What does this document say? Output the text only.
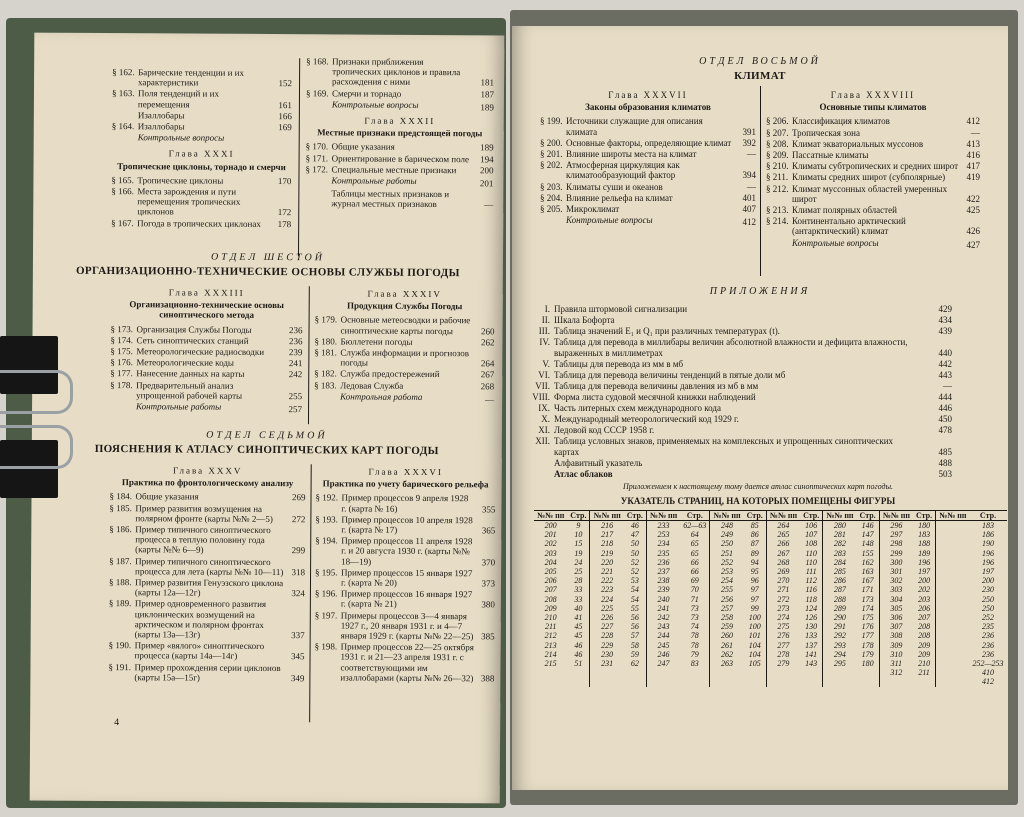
§ 162. Барические тенденции и их характеристики	152
§ 163. Поля тенденций и их перемещения	161
Изаллобары	166
§ 164. Изаллобары	169
Контрольные вопросы
Глава XXXI
Тропические циклоны, торнадо и смерчи
§ 165. Тропические циклоны	170
§ 166. Места зарождения и пути перемещения тропических циклонов	172
§ 167. Погода в тропических циклонах	178
§ 168. Признаки приближения тропических циклонов и правила расхождения с ними	181
§ 169. Смерчи и торнадо	187
Контрольные вопросы	189
Глава XXXII
Местные признаки предстоящей погоды
§ 170. Общие указания	189
§ 171. Ориентирование в барическом поле	194
§ 172. Специальные местные признаки	200
Контрольные работы	201
Таблицы местных признаков и журнал местных признаков	—
ОТДЕЛ ШЕСТОЙ
ОРГАНИЗАЦИОННО-ТЕХНИЧЕСКИЕ ОСНОВЫ СЛУЖБЫ ПОГОДЫ
Глава XXXIII
Организационно-технические основы синоптического метода
§ 173. Организация Службы Погоды	236
§ 174. Сеть синоптических станций	236
§ 175. Метеорологические радиосводки	239
§ 176. Метеорологические коды	241
§ 177. Нанесение данных на карты	242
§ 178. Предварительный анализ упрощенной рабочей карты	255
Контрольные работы	257
Глава XXXIV
Продукция Службы Погоды
§ 179. Основные метеосводки и рабочие синоптические карты погоды	260
§ 180. Бюллетени погоды	262
§ 181. Служба информации и прогнозов погоды	264
§ 182. Служба предостережений	267
§ 183. Ледовая Служба	268
Контрольная работа	—
ОТДЕЛ СЕДЬМОЙ
ПОЯСНЕНИЯ К АТЛАСУ СИНОПТИЧЕСКИХ КАРТ ПОГОДЫ
Глава XXXV
Практика по фронтологическому анализу
§ 184. Общие указания	269
§ 185. Пример развития возмущения на полярном фронте (карты №№ 2—5)	272
§ 186. Пример типичного синоптического процесса в теплую половину года (карты №№ 6—9)	299
§ 187. Пример типичного синоптического процесса для лета (карты №№ 10—11) 318
§ 188. Пример развития Генуэзского циклона (карты 12а—12г)	324
§ 189. Пример одновременного развития циклонических возмущений на арктическом и полярном фронтах (карты 13а—13г)	337
§ 190. Пример «вялого» синоптического процесса (карты 14а—14г)	345
§ 191. Пример прохождения серии циклонов (карты 15а—15г)	349
Глава XXXVI
Практика по учету барического рельефа
§ 192. Пример процессов 9 апреля 1928 г. (карта № 16)	355
§ 193. Пример процессов 10 апреля 1928 г. (карта № 17)	365
§ 194. Пример процессов 11 апреля 1928 г. и 20 августа 1930 г. (карты №№ 18—19)	370
§ 195. Пример процессов 15 января 1927 г. (карта № 20)	373
§ 196. Пример процессов 16 января 1927 г. (карта № 21)	380
§ 197. Примеры процессов 3—4 января 1927 г., 20 января 1931 г. и 4—7 января 1929 г. (карты №№ 22—25) 385
§ 198. Пример процессов 22—25 октября 1931 г. и 21—23 апреля 1931 г. с соответствующими им изаллобарами (карты №№ 26—32) 388
4
ОТДЕЛ ВОСЬМОЙ
КЛИМАТ
Глава XXXVII
Законы образования климатов
§ 199. Источники служащие для описания климата	391
§ 200. Основные факторы, определяющие климат	392
§ 201. Влияние широты места на климат	—
§ 202. Атмосферная циркуляция как климатообразующий фактор	394
§ 203. Климаты суши и океанов	—
§ 204. Влияние рельефа на климат	401
§ 205. Микроклимат	407
Контрольные вопросы	412
Глава XXXVIII
Основные типы климатов
§ 206. Классификация климатов	412
§ 207. Тропическая зона	—
§ 208. Климат экваториальных муссонов	413
§ 209. Пассатные климаты	416
§ 210. Климаты субтропических и средних широт 417
§ 211. Климаты средних широт (субполярные)	419
§ 212. Климат муссонных областей умеренных широт	422
§ 213. Климат полярных областей	425
§ 214. Континентально арктический (антарктический) климат	426
Контрольные вопросы	427
ПРИЛОЖЕНИЯ
I. Правила штормовой сигнализации	429
II. Шкала Бофорта	434
III. Таблица значений E₁ и Q₁ при различных температурах (t).	439
IV. Таблица для перевода в миллибары величин абсолютной влажности и дефицита влажности, выраженных в миллиметрах	440
V. Таблицы для перевода из мм в мб	442
VI. Таблица для перевода величины тенденций в пятые доли мб	443
VII. Таблица для перевода величины давления из мб в мм	—
VIII. Форма листа судовой месячной книжки наблюдений	444
IX. Часть литерных схем международного кода	446
X. Международный метеорологический код 1929 г.	450
XI. Ледовой код СССР 1958 г.	478
XII. Таблица условных знаков, применяемых на комплексных и упрощенных синоптических картах	485
Алфавитный указатель	488
Атлас облаков	503
Приложением к настоящему тому дается атлас синоптических карт погоды.
УКАЗАТЕЛЬ СТРАНИЦ, НА КОТОРЫХ ПОМЕЩЕНЫ ФИГУРЫ
№№ пп	Стр.	№№ пп	Стр.	№№ пп	Стр.	№№ пп	Стр.	№№ пп	Стр.	№№ пп	Стр.	№№ пп	Стр.	№№ пп	Стр.
200	9	216	46	233	62—63	248	85	264	106	280	146	296	180		183
201	10	217	47	253	64	249	86	265	107	281	147	297	183		186
202	15	218	50	234	65	250	87	266	108	282	148	298	188		190
203	19	219	50	235	65	251	89	267	110	283	155	299	189		196
204	24	220	52	236	66	252	94	268	110	284	162	300	196		196
205	25	221	52	237	66	253	95	269	111	285	163	301	197		197
206	28	222	53	238	69	254	96	270	112	286	167	302	200		200
207	33	223	54	239	70	255	97	271	116	287	171	303	202		230
208	33	224	54	240	71	256	97	272	118	288	173	304	203		250
209	40	225	55	241	73	257	99	273	124	289	174	305	206		250
210	41	226	56	242	73	258	100	274	126	290	175	306	207		252
211	45	227	56	243	74	259	100	275	130	291	176	307	208		235
212	45	228	57	244	78	260	101	276	133	292	177	308	208		236
213	46	229	58	245	78	261	104	277	137	293	178	309	209		236
214	46	230	59	246	79	262	104	278	141	294	179	310	209		236
215	51	231	62	247	83	263	105	279	143	295	180	311	210		252—253
												312	211		410
															412
